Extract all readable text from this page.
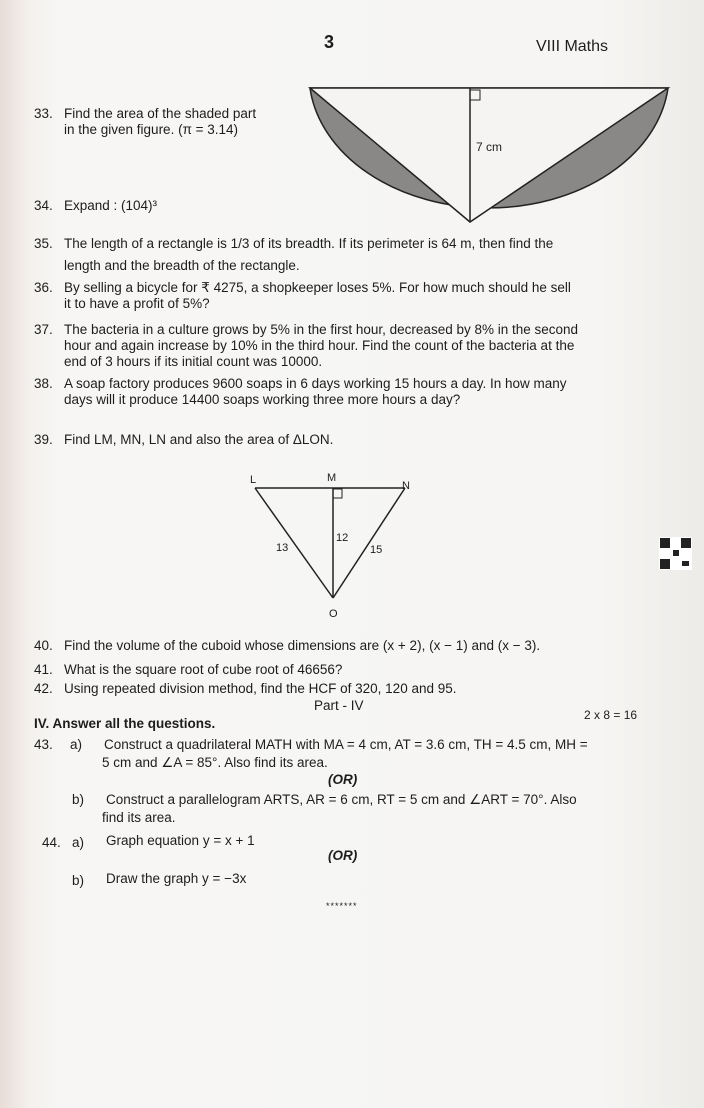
3	VIII Maths
33. Find the area of the shaded part
in the given figure. (π = 3.14)
7 cm
34. Expand : (104)³
35. The length of a rectangle is 1/3 of its breadth. If its perimeter is 64 m, then find the
length and the breadth of the rectangle.
36. By selling a bicycle for ₹ 4275, a shopkeeper loses 5%. For how much should he sell
it to have a profit of 5%?
37. The bacteria in a culture grows by 5% in the first hour, decreased by 8% in the second
hour and again increase by 10% in the third hour. Find the count of the bacteria at the
end of 3 hours if its initial count was 10000.
38. A soap factory produces 9600 soaps in 6 days working 15 hours a day. In how many
days will it produce 14400 soaps working three more hours a day?
39. Find LM, MN, LN and also the area of ΔLON.
L	M
N
O
13
12
15
40. Find the volume of the cuboid whose dimensions are (x + 2), (x − 1) and (x − 3).
41. What is the square root of cube root of 46656?
42. Using repeated division method, find the HCF of 320, 120 and 95.
Part - IV
IV. Answer all the questions.
2 x 8 = 16
43. a) Construct a quadrilateral MATH with MA = 4 cm, AT = 3.6 cm, TH = 4.5 cm, MH =
5 cm and ∠A = 85°. Also find its area.
(OR)
b) Construct a parallelogram ARTS, AR = 6 cm, RT = 5 cm and ∠ART = 70°. Also
find its area.
44. a) Graph equation y = x + 1
(OR)
b) Draw the graph y = −3x
*******
